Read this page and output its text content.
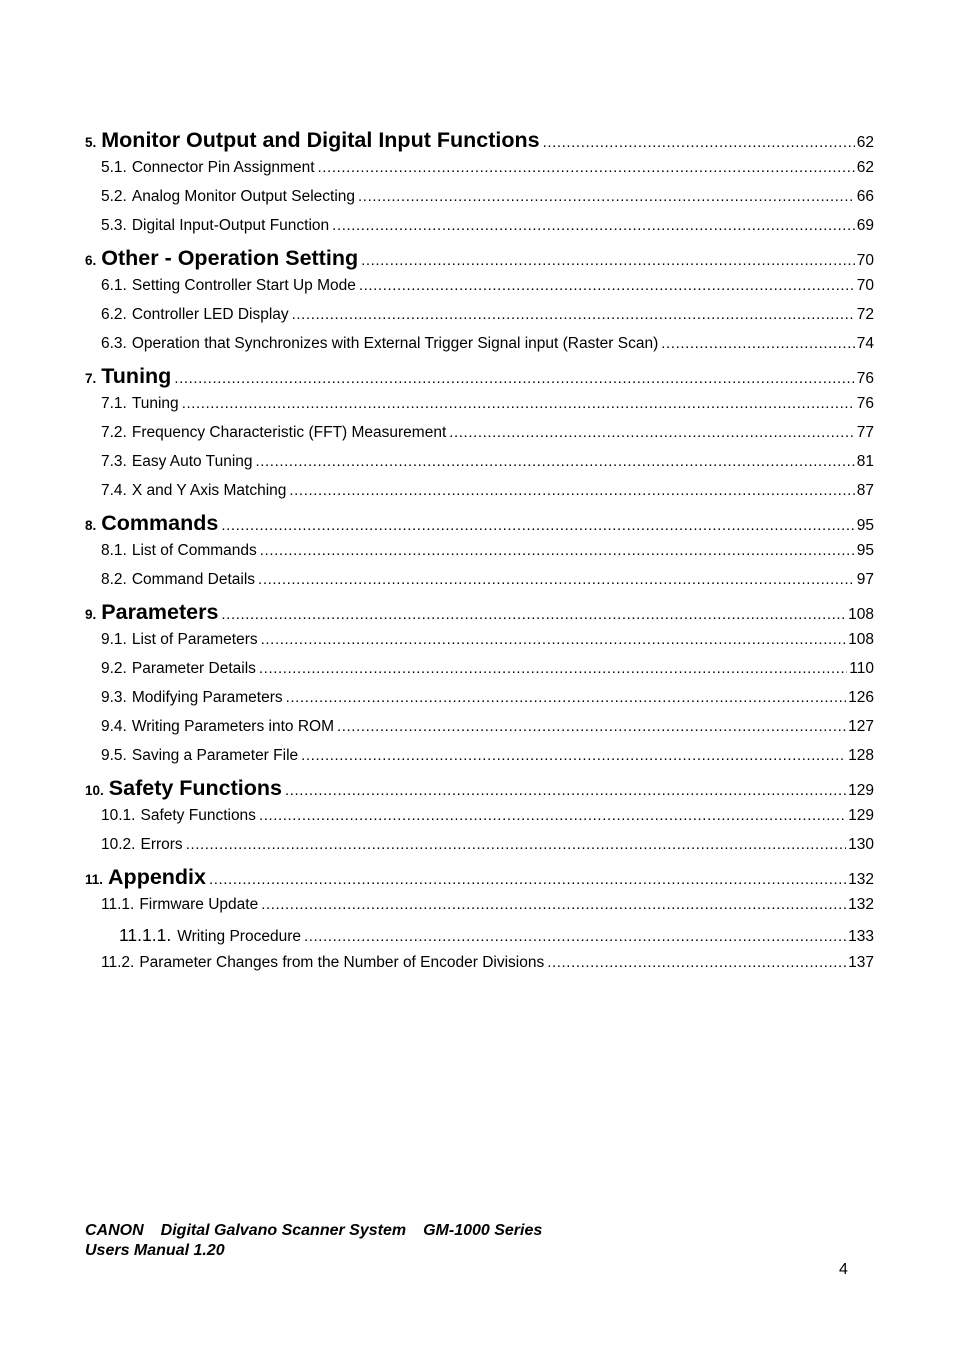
5. Monitor Output and Digital Input Functions .....	62
5.1. Connector Pin Assignment .....	62
5.2. Analog Monitor Output Selecting .....	66
5.3. Digital Input-Output Function .....	69
6. Other - Operation Setting .....	70
6.1. Setting Controller Start Up Mode .....	70
6.2. Controller LED Display .....	72
6.3. Operation that Synchronizes with External Trigger Signal input (Raster Scan) .....	74
7. Tuning .....	76
7.1. Tuning .....	76
7.2. Frequency Characteristic (FFT) Measurement .....	77
7.3. Easy Auto Tuning .....	81
7.4. X and Y Axis Matching .....	87
8. Commands .....	95
8.1. List of Commands .....	95
8.2. Command Details .....	97
9. Parameters .....	108
9.1. List of Parameters .....	108
9.2. Parameter Details .....	110
9.3. Modifying Parameters .....	126
9.4. Writing Parameters into ROM .....	127
9.5. Saving a Parameter File .....	128
10. Safety Functions .....	129
10.1. Safety Functions .....	129
10.2. Errors .....	130
11. Appendix .....	132
11.1. Firmware Update .....	132
11.1.1. Writing Procedure .....	133
11.2. Parameter Changes from the Number of Encoder Divisions .....	137
CANON Digital Galvano Scanner System GM-1000 Series
Users Manual 1.20
4
